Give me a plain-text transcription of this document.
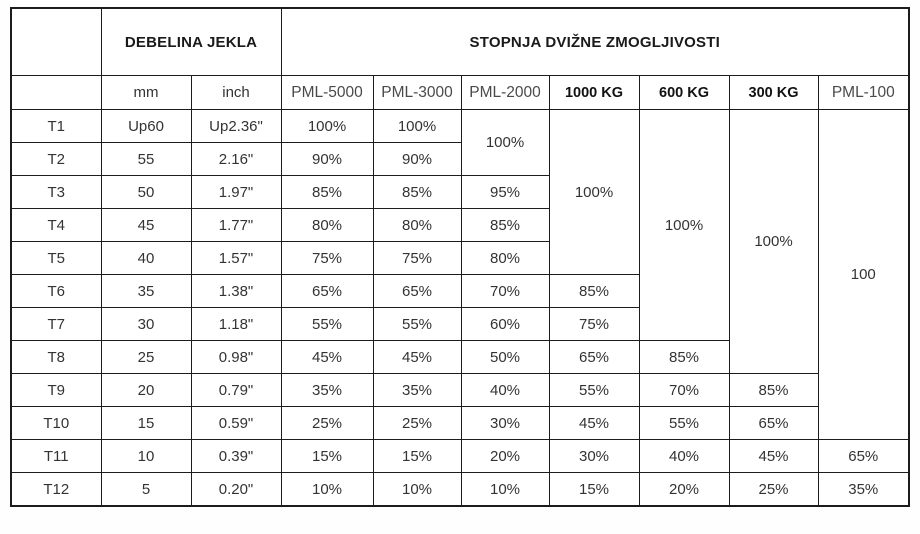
	DEBELINA JEKLA		STOPNJA DVIŽNE ZMOGLJIVOSTI						
	mm	inch	PML-5000	PML-3000	PML-2000	1000 KG	600 KG	300 KG	PML-100
T1	Up60	Up2.36"	100%	100%	100%	100%	100%	100%	100
T2	55	2.16"	90%	90%					
T3	50	1.97"	85%	85%	95%				
T4	45	1.77"	80%	80%	85%				
T5	40	1.57"	75%	75%	80%				
T6	35	1.38"	65%	65%	70%	85%			
T7	30	1.18"	55%	55%	60%	75%			
T8	25	0.98"	45%	45%	50%	65%	85%		
T9	20	0.79"	35%	35%	40%	55%	70%	85%	
T10	15	0.59"	25%	25%	30%	45%	55%	65%	
T11	10	0.39"	15%	15%	20%	30%	40%	45%	65%
T12	5	0.20"	10%	10%	10%	15%	20%	25%	35%
